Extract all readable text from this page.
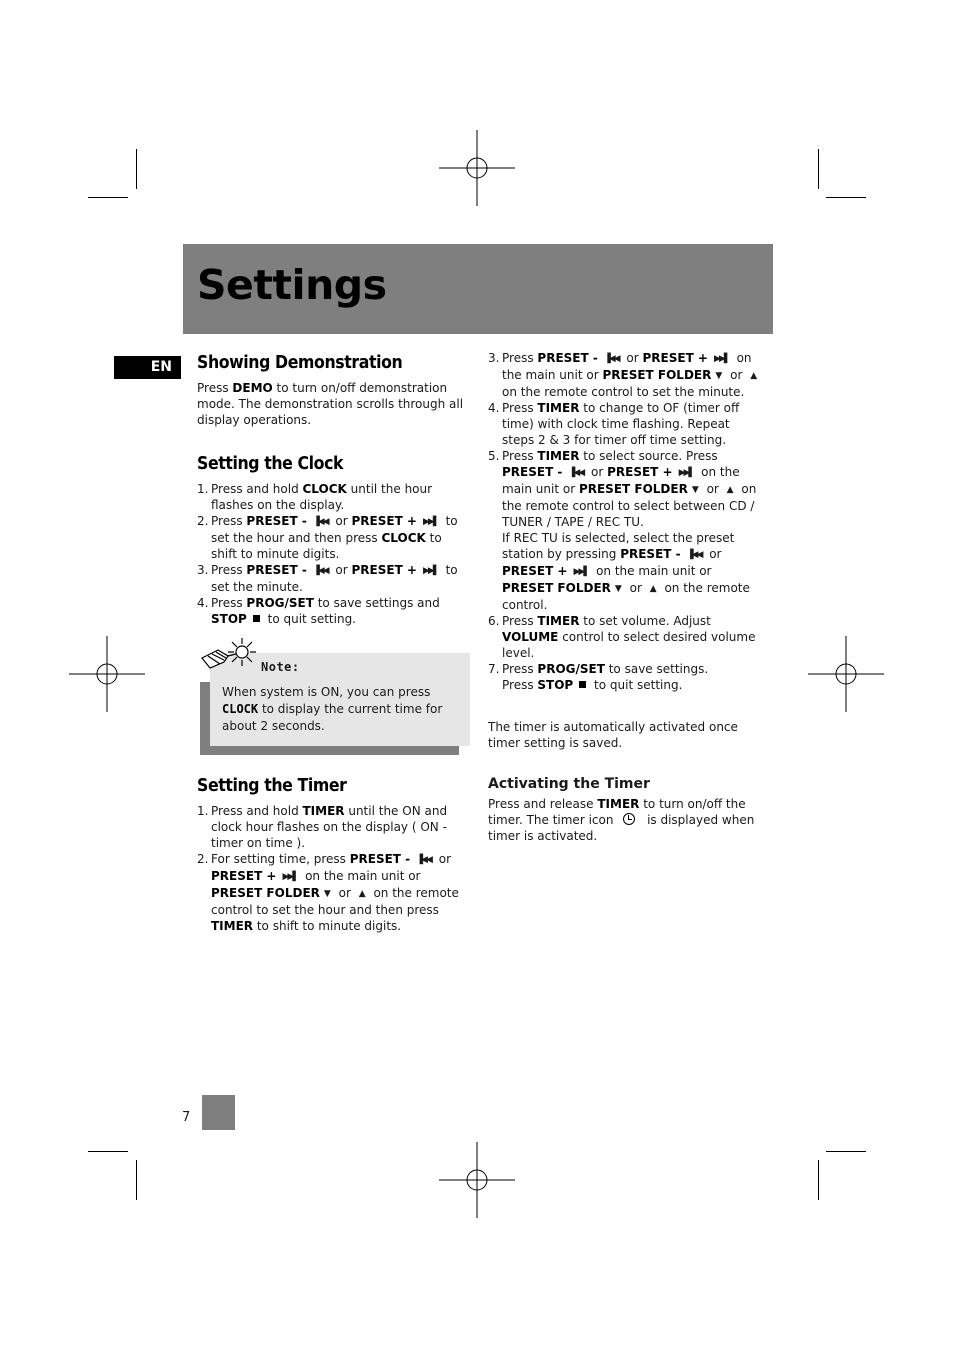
Settings
EN	Showing Demonstration

Press DEMO to turn on/off demonstration mode. The demonstration scrolls through all display operations.

Setting the Clock
1. Press and hold CLOCK until the hour flashes on the display.
2. Press PRESET - ▐◀◀ or PRESET + ▶▶▌ to set the hour and then press CLOCK to shift to minute digits.
3. Press PRESET - ▐◀◀ or PRESET + ▶▶▌ to set the minute.
4. Press PROG/SET to save settings and STOP to quit setting.
Note:
When system is ON, you can press CLOCK to display the current time for about 2 seconds.
Setting the Timer
1. Press and hold TIMER until the ON and clock hour flashes on the display ( ON - timer on time ).
2. For setting time, press PRESET - ▐◀◀ or PRESET + ▶▶▌ on the main unit or PRESET FOLDER ▼ or ▲ on the remote control to set the hour and then press TIMER to shift to minute digits.
3. Press PRESET - ▐◀◀ or PRESET + ▶▶▌ on the main unit or PRESET FOLDER ▼ or ▲ on the remote control to set the minute.
4. Press TIMER to change to OF (timer off time) with clock time flashing. Repeat steps 2 & 3 for timer off time setting.
5. Press TIMER to select source. Press PRESET - ▐◀◀ or PRESET + ▶▶▌ on the main unit or PRESET FOLDER ▼ or ▲ on the remote control to select between CD / TUNER / TAPE / REC TU.
If REC TU is selected, select the preset station by pressing PRESET - ▐◀◀ or PRESET + ▶▶▌ on the main unit or PRESET FOLDER ▼ or ▲ on the remote control.
6. Press TIMER to set volume. Adjust VOLUME control to select desired volume level.
7. Press PROG/SET to save settings.
Press STOP to quit setting.

The timer is automatically activated once timer setting is saved.

Activating the Timer

Press and release TIMER to turn on/off the timer. The timer icon  is displayed when timer is activated.

7
